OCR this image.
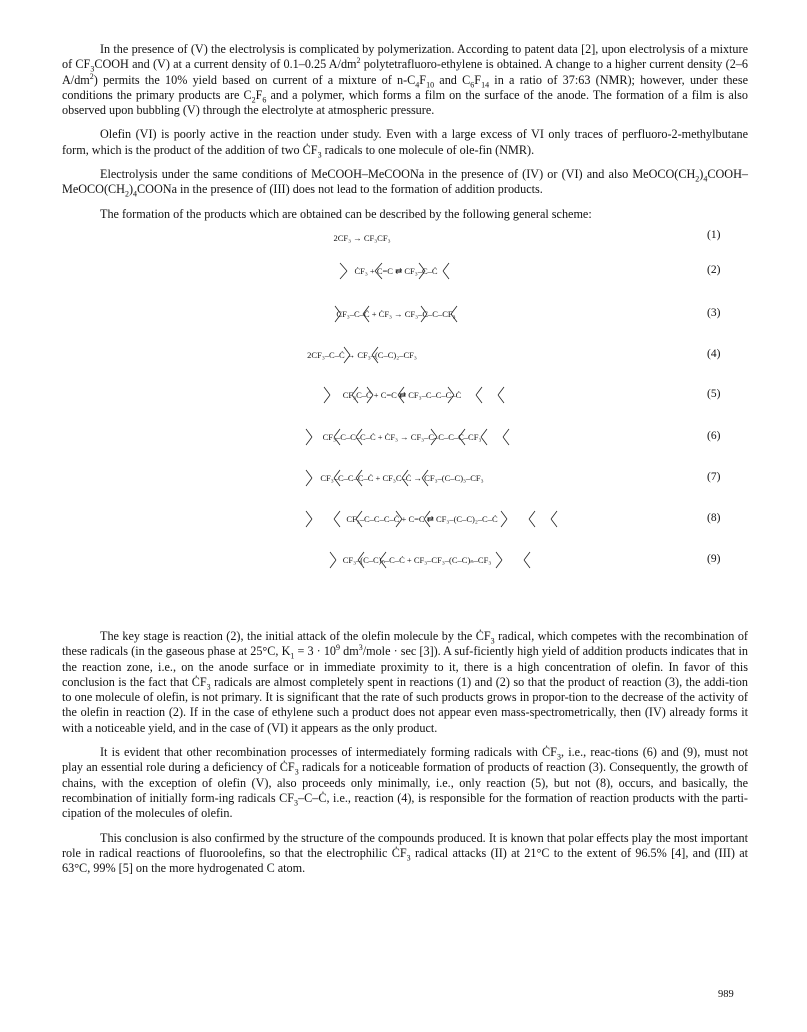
In the presence of (V) the electrolysis is complicated by polymerization. According to patent data [2], upon electrolysis of a mixture of $CF_3COOH$ and (V) at a current density of 0.1–0.25 $A/dm^2$ polytetrafluoro-ethylene is obtained. A change to a higher current density (2–6 $A/dm^2$) permits the 10% yield based on current of a mixture of $n-C_4F_{10}$ and $C_6F_{14}$ in a ratio of 37:63 (NMR); however, under these conditions the primary products are $C_2F_6$ and a polymer, which forms a film on the surface of the anode. The formation of a film is also observed upon bubbling (V) through the electrolyte at atmospheric pressure.

Olefin (VI) is poorly active in the reaction under study. Even with a large excess of VI only traces of perfluoro-2-methylbutane form, which is the product of the addition of two $ĊF_3$ radicals to one molecule of ole-fin (NMR).

Electrolysis under the same conditions of MeCOOH–MeCOONa in the presence of (IV) or (VI) and also $MeOCO(CH_2)_4COOH-MeOCO(CH_2)_4COONa$ in the presence of (III) does not lead to the formation of addition products.

The formation of the products which are obtained can be described by the following general scheme:

2CF₃ → CF₃CF₃
ĊF₃ + C=C ⇄ CF₃–C–Ċ
CF₃–C–Ċ + ĊF₃ → CF₃–C–C–CF₃
2CF₃–C–Ċ → CF₃–(C–C)₂–CF₃
CF₃C–Ċ + C=C ⇄ CF₃–C–C–C–Ċ
CF₃–C–C–C–Ċ + ĊF₃ → CF₃–C–C–C–C–CF₃
CF₃–C–C–C–Ċ + CF₃C–Ċ → CF₃–(C–C)₃–CF₃
CF₃–C–C–C–Ċ + C=C ⇄ CF₃–(C–C)₂–C–Ċ
CF₃–(C–C)ₙ–C–Ċ + CF₃–CF₃–(C–C)ₙ–CF₃
(1)
(2)
(3)
(4)
(5)
(6)
(7)
(8)
(9)

The key stage is reaction (2), the initial attack of the olefin molecule by the $ĊF_3$ radical, which competes with the recombination of these radicals (in the gaseous phase at 25°C, $K_1 = 3 \cdot 10^9$ $dm^3$/mole · sec [3]). A suf-ficiently high yield of addition products indicates that in the reaction zone, i.e., on the anode surface or in immediate proximity to it, there is a high concentration of olefin. In favor of this conclusion is the fact that $ĊF_3$ radicals are almost completely spent in reactions (1) and (2) so that the product of reaction (3), the addi-tion to one molecule of olefin, is not primary. It is significant that the rate of such products grows in propor-tion to the decrease of the activity of the olefin in reaction (2). If in the case of ethylene such a product does not appear even mass-spectrometrically, then (IV) already forms it with a noticeable yield, and in the case of (VI) it appears as the only product.

It is evident that other recombination processes of intermediately forming radicals with $ĊF_3$, i.e., reac-tions (6) and (9), must not play an essential role during a deficiency of $ĊF_3$ radicals for a noticeable formation of products of reaction (3). Consequently, the growth of chains, with the exception of olefin (V), also proceeds only minimally, i.e., only reaction (5), but not (8), occurs, and basically, the recombination of initially form-ing radicals $CF_3-C-Ċ$, i.e., reaction (4), is responsible for the formation of reaction products with the parti-cipation of the molecules of olefin.

This conclusion is also confirmed by the structure of the compounds produced. It is known that polar effects play the most important role in radical reactions of fluoroolefins, so that the electrophilic $ĊF_3$ radical attacks (II) at 21°C to the extent of 96.5% [4], and (III) at 63°C, 99% [5] on the more hydrogenated C atom.

989
